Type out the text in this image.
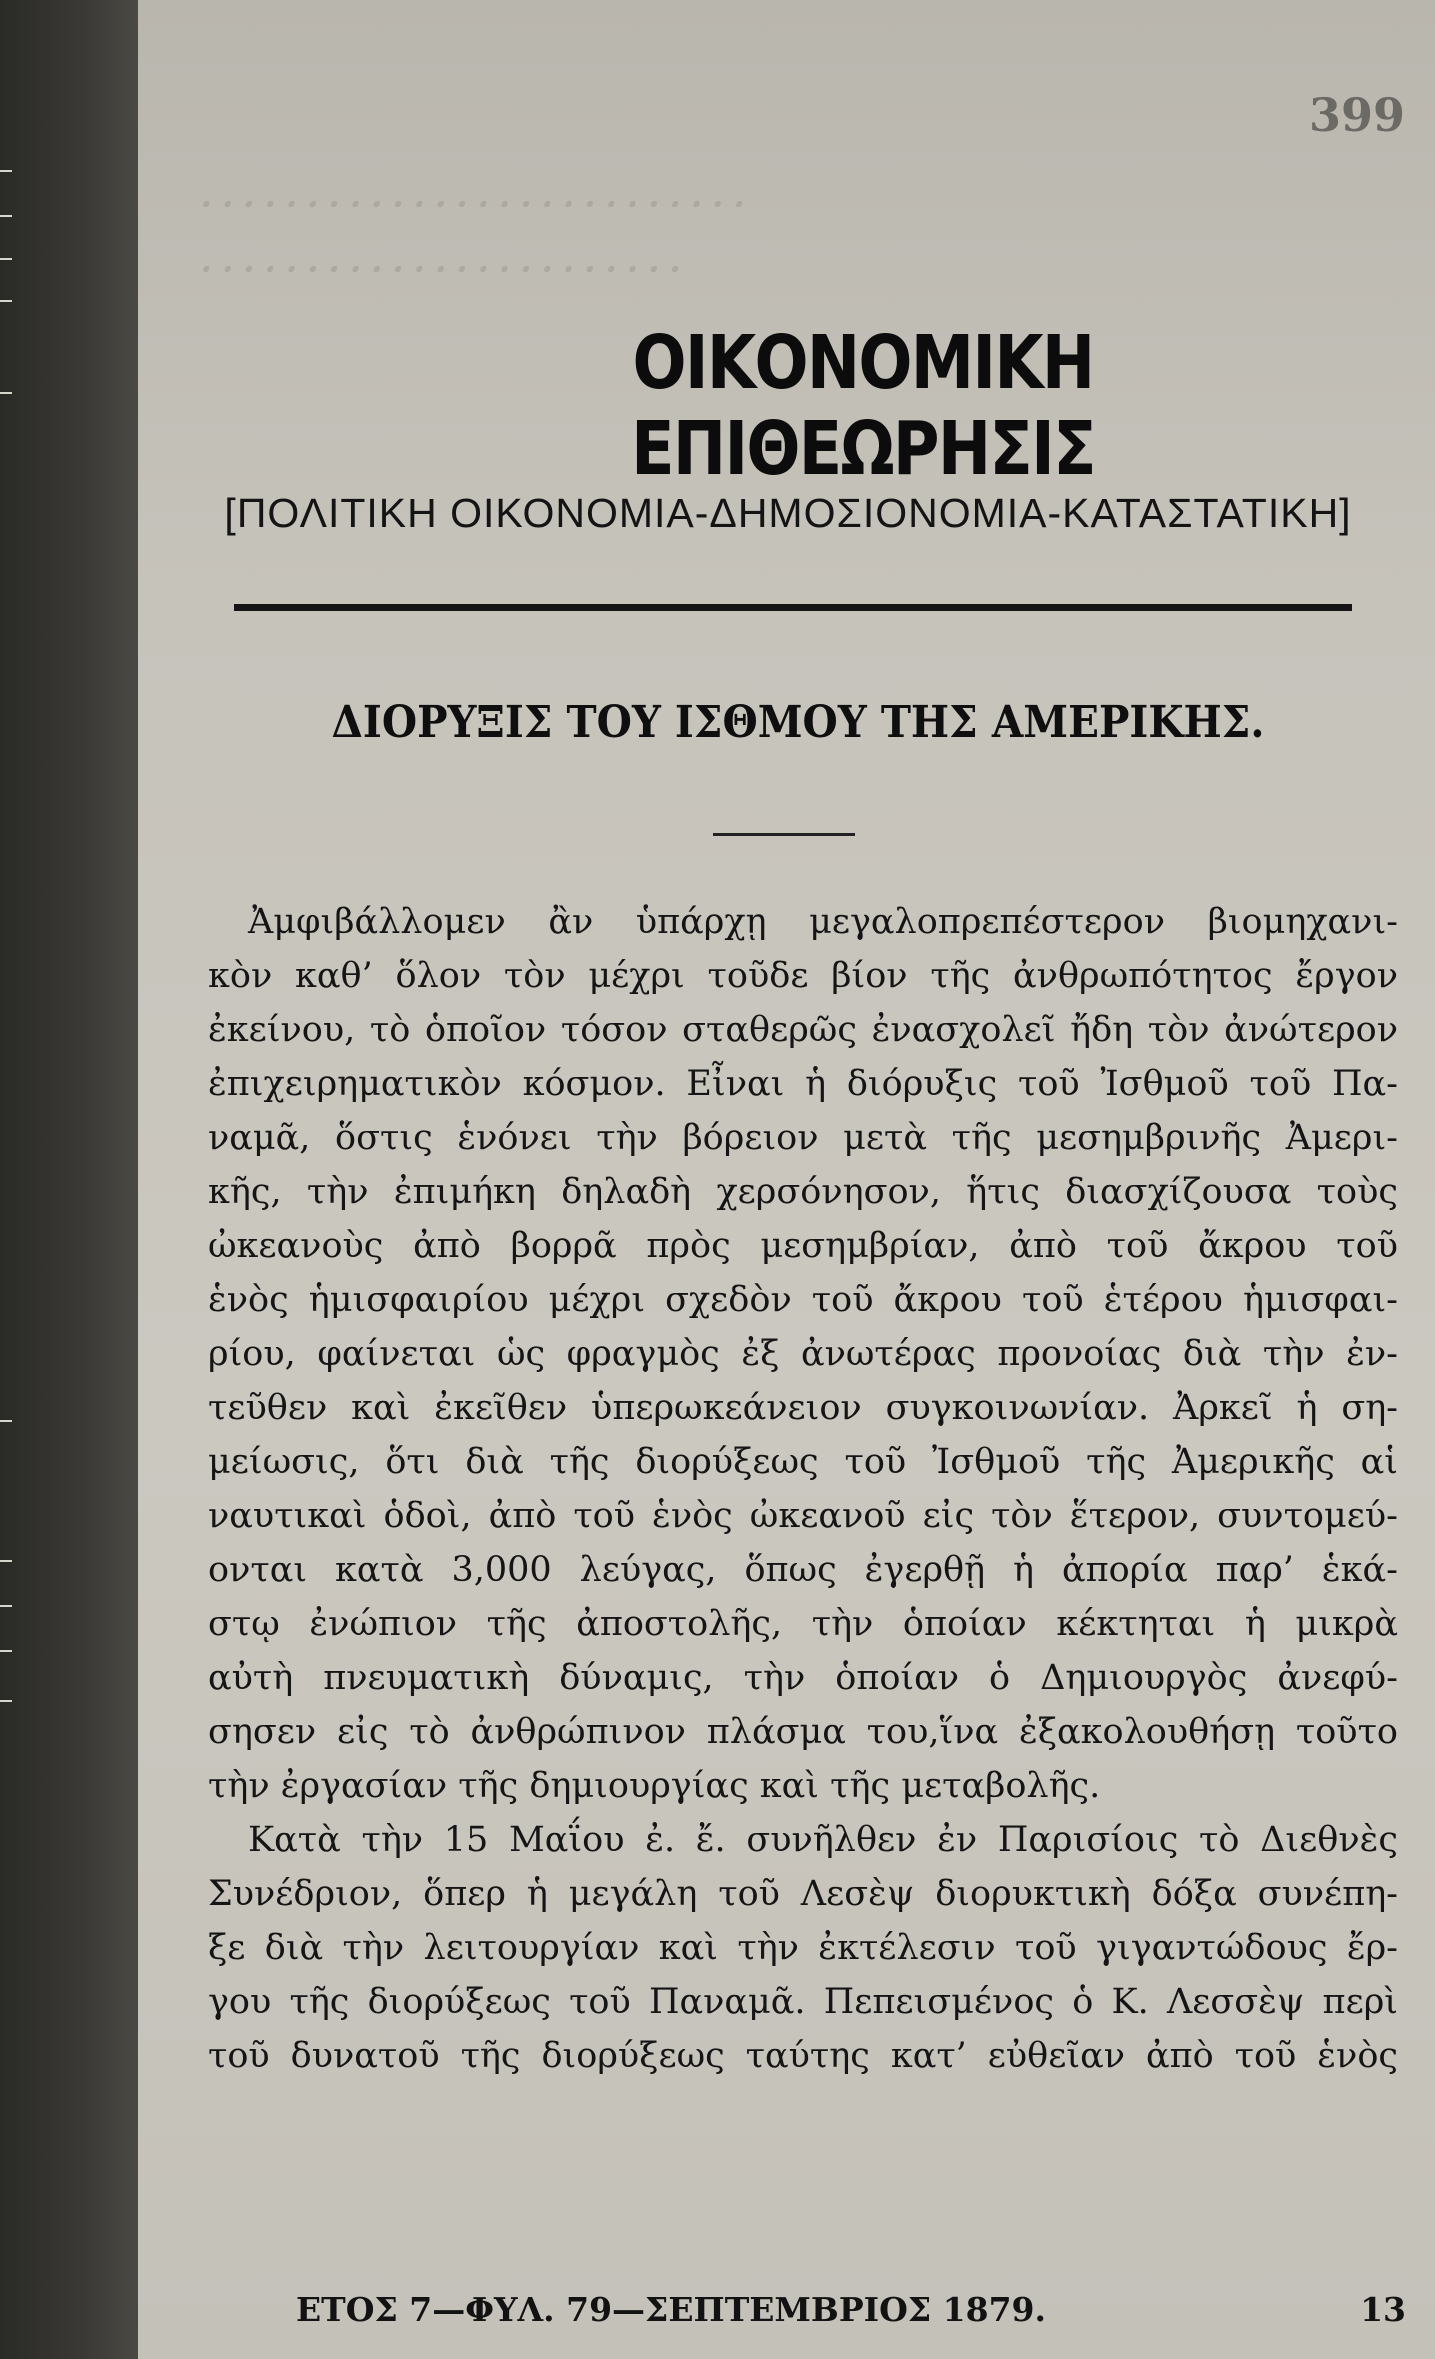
399
ꞏ ꞏ ꞏ ꞏ ꞏ ꞏ ꞏ ꞏ ꞏ ꞏ ꞏ ꞏ ꞏ ꞏ ꞏ ꞏ ꞏ ꞏ ꞏ ꞏ ꞏ ꞏ ꞏ ꞏ ꞏ ꞏ
ꞏ ꞏ ꞏ ꞏ ꞏ ꞏ ꞏ ꞏ ꞏ ꞏ ꞏ ꞏ ꞏ ꞏ ꞏ ꞏ ꞏ ꞏ ꞏ ꞏ ꞏ ꞏ ꞏ
ΟΙΚΟΝΟΜΙΚΗ ΕΠΙΘΕΩΡΗΣΙΣ
[ΠΟΛΙΤΙΚΗ ΟΙΚΟΝΟΜΙΑ-ΔΗΜΟΣΙΟΝΟΜΙΑ-ΚΑΤΑΣΤΑΤΙΚΗ]
ΔΙΟΡΥΞΙΣ ΤΟΥ ΙΣΘΜΟΥ ΤΗΣ ΑΜΕΡΙΚΗΣ.
Ἀμφιβάλλομεν ἂν ὑπάρχῃ μεγαλοπρεπέστερον βιομηχανι-
κὸν καθ’ ὅλον τὸν μέχρι τοῦδε βίον τῆς ἀνθρωπότητος ἔργον
ἐκείνου, τὸ ὁποῖον τόσον σταθερῶς ἐνασχολεῖ ἤδη τὸν ἀνώτερον
ἐπιχειρηματικὸν κόσμον. Εἶναι ἡ διόρυξις τοῦ Ἰσθμοῦ τοῦ Πα-
ναμᾶ, ὅστις ἑνόνει τὴν βόρειον μετὰ τῆς μεσημβρινῆς Ἀμερι-
κῆς, τὴν ἐπιμήκη δηλαδὴ χερσόνησον, ἥτις διασχίζουσα τοὺς
ὠκεανοὺς ἀπὸ βορρᾶ πρὸς μεσημβρίαν, ἀπὸ τοῦ ἄκρου τοῦ
ἑνὸς ἡμισφαιρίου μέχρι σχεδὸν τοῦ ἄκρου τοῦ ἑτέρου ἡμισφαι-
ρίου, φαίνεται ὡς φραγμὸς ἐξ ἀνωτέρας προνοίας διὰ τὴν ἐν-
τεῦθεν καὶ ἐκεῖθεν ὑπερωκεάνειον συγκοινωνίαν. Ἀρκεῖ ἡ ση-
μείωσις, ὅτι διὰ τῆς διορύξεως τοῦ Ἰσθμοῦ τῆς Ἀμερικῆς αἱ
ναυτικαὶ ὁδοὶ, ἀπὸ τοῦ ἑνὸς ὠκεανοῦ εἰς τὸν ἕτερον, συντομεύ-
ονται κατὰ 3,000 λεύγας, ὅπως ἐγερθῇ ἡ ἀπορία παρ’ ἑκά-
στῳ ἐνώπιον τῆς ἀποστολῆς, τὴν ὁποίαν κέκτηται ἡ μικρὰ
αὐτὴ πνευματικὴ δύναμις, τὴν ὁποίαν ὁ Δημιουργὸς ἀνεφύ-
σησεν εἰς τὸ ἀνθρώπινον πλάσμα του,ἵνα ἐξακολουθήσῃ τοῦτο
τὴν ἐργασίαν τῆς δημιουργίας καὶ τῆς μεταβολῆς.
Κατὰ τὴν 15 Μαΐου ἐ. ἔ. συνῆλθεν ἐν Παρισίοις τὸ Διεθνὲς
Συνέδριον, ὅπερ ἡ μεγάλη τοῦ Λεσὲψ διορυκτικὴ δόξα συνέπη-
ξε διὰ τὴν λειτουργίαν καὶ τὴν ἐκτέλεσιν τοῦ γιγαντώδους ἔρ-
γου τῆς διορύξεως τοῦ Παναμᾶ. Πεπεισμένος ὁ Κ. Λεσσὲψ περὶ
τοῦ δυνατοῦ τῆς διορύξεως ταύτης κατ’ εὐθεῖαν ἀπὸ τοῦ ἑνὸς
ΕΤΟΣ 7—ΦΥΛ. 79—ΣΕΠΤΕΜΒΡΙΟΣ 1879.	13
